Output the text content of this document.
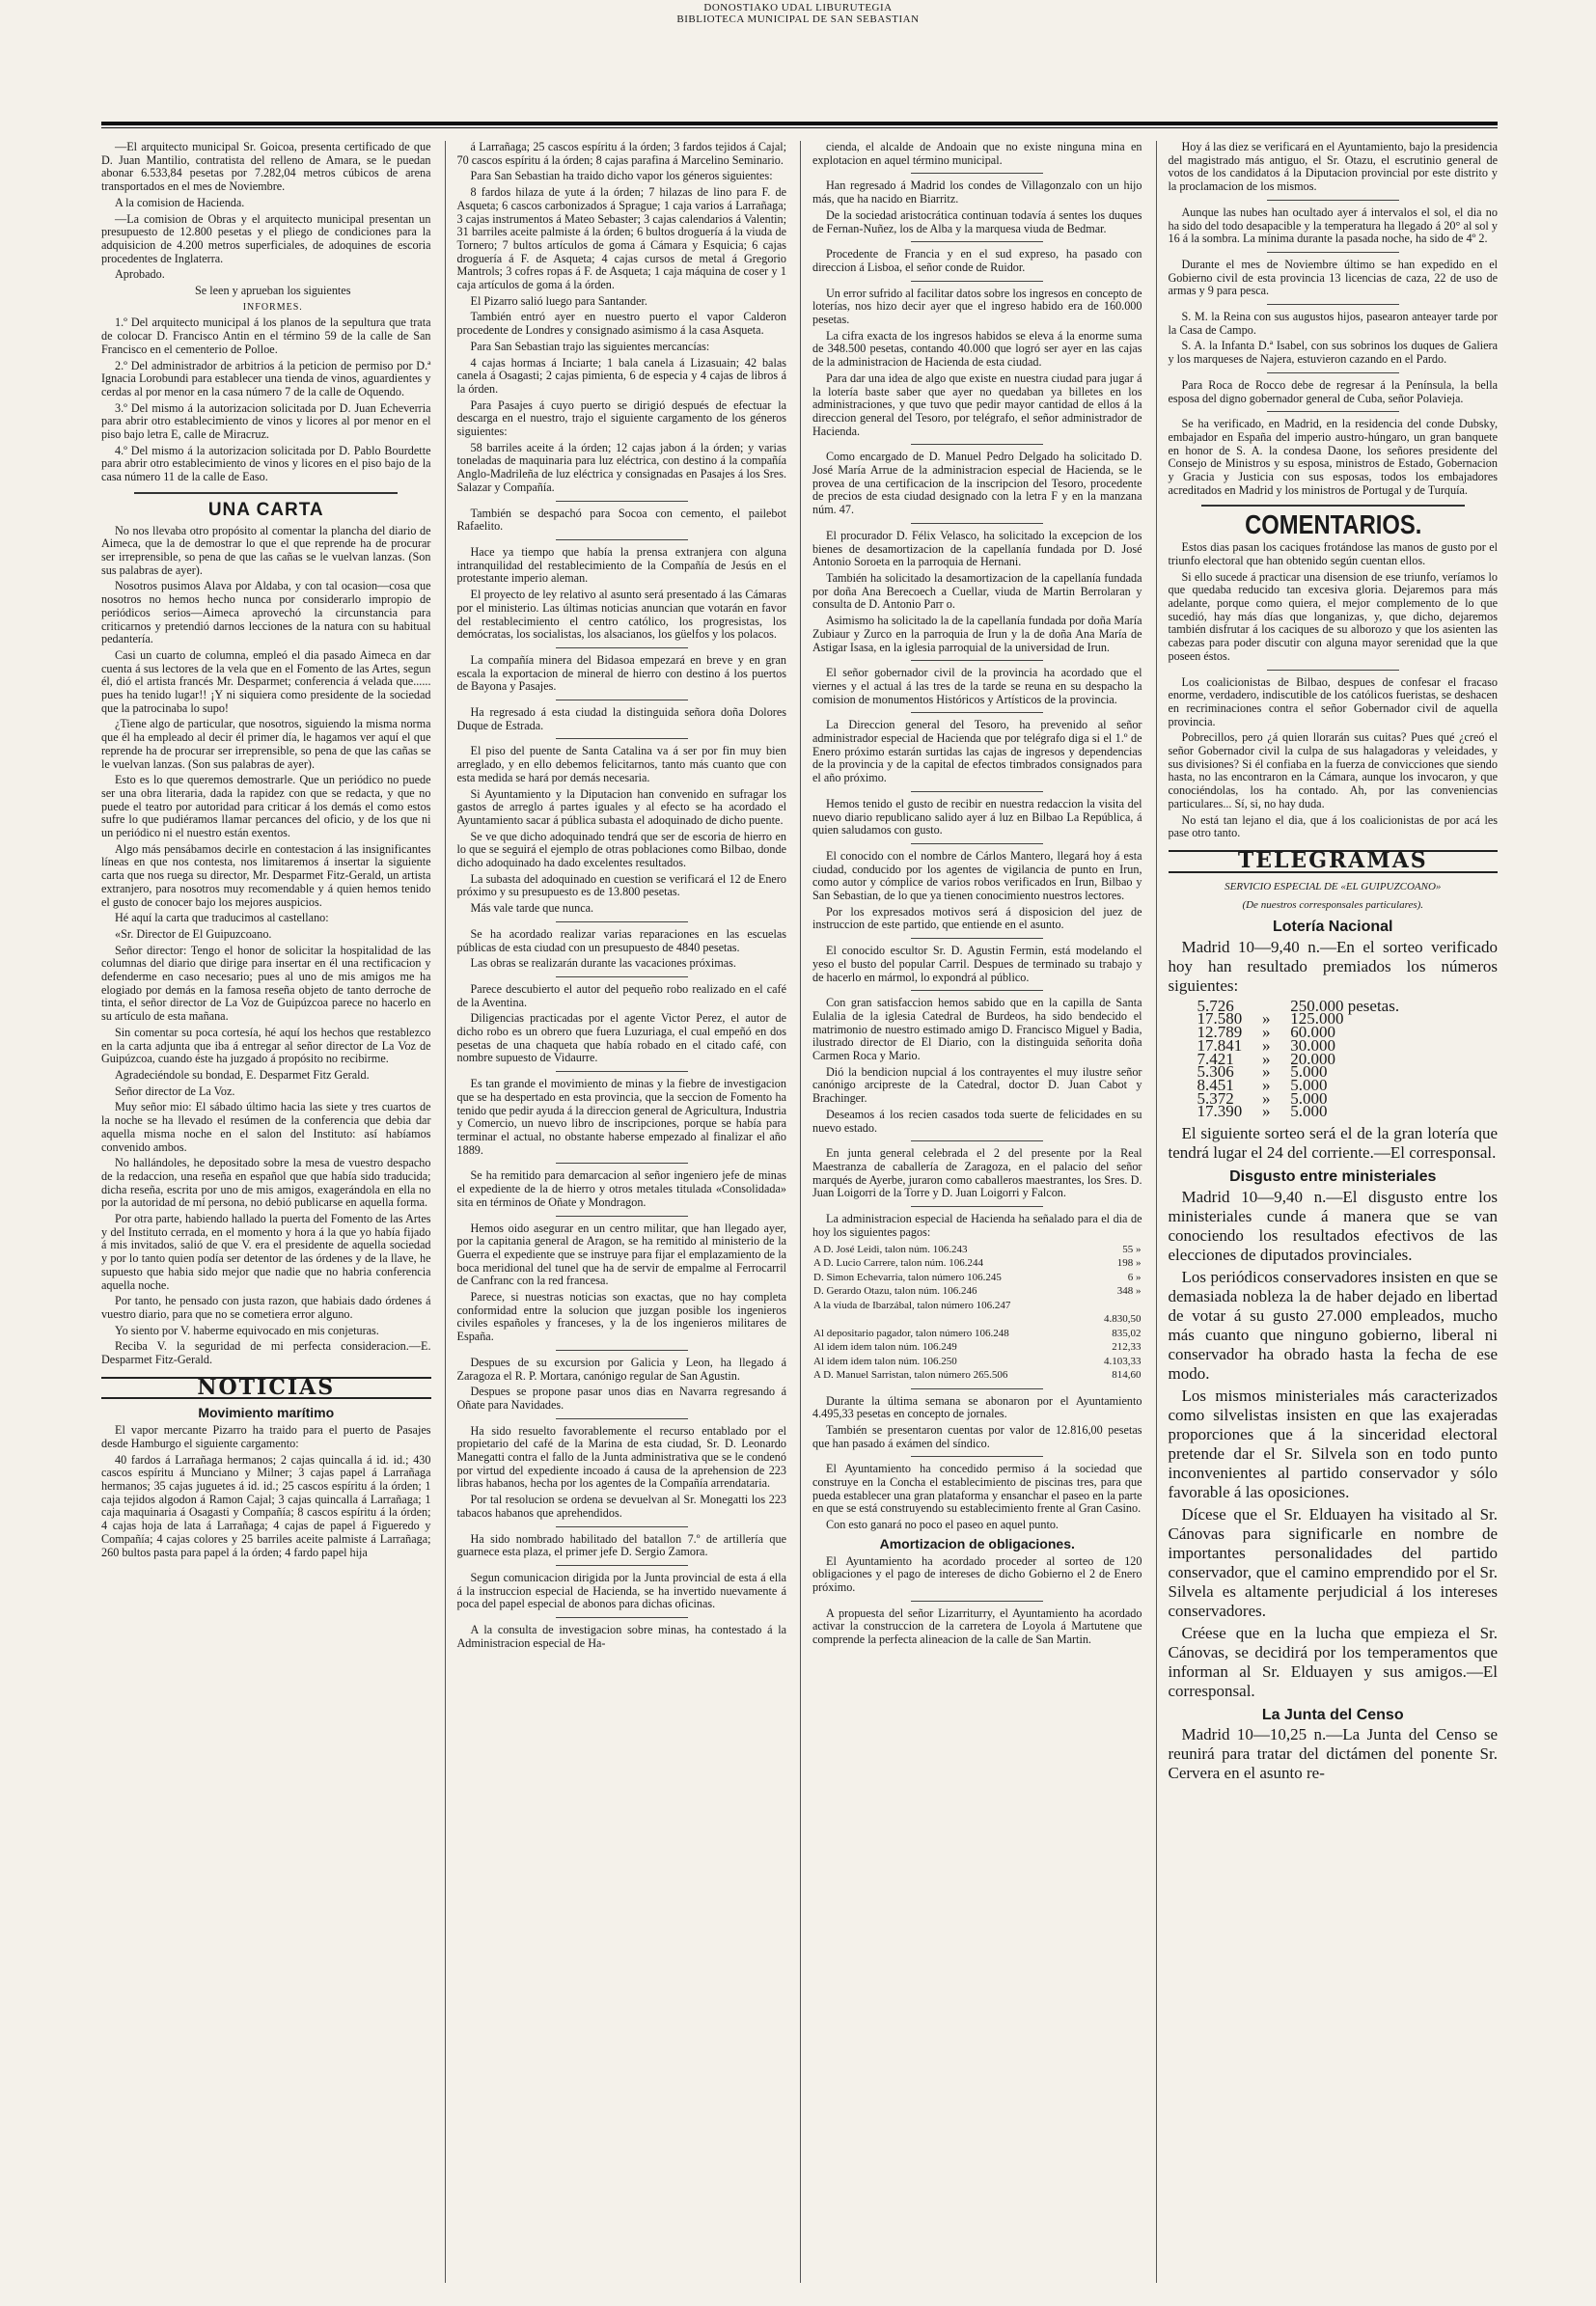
DONOSTIAKO UDAL LIBURUTEGIA
BIBLIOTECA MUNICIPAL DE SAN SEBASTIAN

—El arquitecto municipal Sr. Goicoa, presenta certificado de que D. Juan Mantilio, contratista del relleno de Amara, se le puedan abonar 6.533,84 pesetas por 7.282,04 metros cúbicos de arena transportados en el mes de Noviembre.

A la comision de Hacienda.

—La comision de Obras y el arquitecto municipal presentan un presupuesto de 12.800 pesetas y el pliego de condiciones para la adquisicion de 4.200 metros superficiales, de adoquines de escoria procedentes de Inglaterra.

Aprobado.

Se leen y aprueban los siguientes

INFORMES.

1.º Del arquitecto municipal á los planos de la sepultura que trata de colocar D. Francisco Antin en el término 59 de la calle de San Francisco en el cementerio de Polloe.

2.º Del administrador de arbitrios á la peticion de permiso por D.ª Ignacia Lorobundi para establecer una tienda de vinos, aguardientes y cerdas al por menor en la casa número 7 de la calle de Oquendo.

3.º Del mismo á la autorizacion solicitada por D. Juan Echeverria para abrir otro establecimiento de vinos y licores al por menor en el piso bajo letra E, calle de Miracruz.

4.º Del mismo á la autorizacion solicitada por D. Pablo Bourdette para abrir otro establecimiento de vinos y licores en el piso bajo de la casa número 11 de la calle de Easo.

UNA CARTA

No nos llevaba otro propósito al comentar la plancha del diario de Aimeca, que la de demostrar lo que el que reprende ha de procurar ser irreprensible, so pena de que las cañas se le vuelvan lanzas. (Son sus palabras de ayer).

Nosotros pusimos Alava por Aldaba, y con tal ocasion—cosa que nosotros no hemos hecho nunca por considerarlo impropio de periódicos serios—Aimeca aprovechó la circunstancia para criticarnos y pretendió darnos lecciones de la natura con su habitual pedantería.

Casi un cuarto de columna, empleó el dia pasado Aimeca en dar cuenta á sus lectores de la vela que en el Fomento de las Artes, segun él, dió el artista francés Mr. Desparmet; conferencia á velada que...... pues ha tenido lugar!! ¡Y ni siquiera como presidente de la sociedad que la patrocinaba lo supo!

¿Tiene algo de particular, que nosotros, siguiendo la misma norma que él ha empleado al decir él primer día, le hagamos ver aquí el que reprende ha de procurar ser irreprensible, so pena de que las cañas se le vuelvan lanzas. (Son sus palabras de ayer).

Esto es lo que queremos demostrarle. Que un periódico no puede ser una obra literaria, dada la rapidez con que se redacta, y que no puede el teatro por autoridad para criticar á los demás el como estos sufre lo que pudiéramos llamar percances del oficio, y de los que ni un periódico ni el nuestro están exentos.

Algo más pensábamos decirle en contestacion á las insignificantes líneas en que nos contesta, nos limitaremos á insertar la siguiente carta que nos ruega su director, Mr. Desparmet Fitz-Gerald, un artista extranjero, para nosotros muy recomendable y á quien hemos tenido el gusto de conocer bajo los mejores auspicios.

Hé aquí la carta que traducimos al castellano:

«Sr. Director de El Guipuzcoano.

Señor director: Tengo el honor de solicitar la hospitalidad de las columnas del diario que dirige para insertar en él una rectificacion y defenderme en caso necesario; pues al uno de mis amigos me ha elogiado por demás en la famosa reseña objeto de tanto derroche de tinta, el señor director de La Voz de Guipúzcoa parece no hacerlo en su artículo de esta mañana.

Sin comentar su poca cortesía, hé aquí los hechos que restablezco en la carta adjunta que iba á entregar al señor director de La Voz de Guipúzcoa, cuando éste ha juzgado á propósito no recibirme.

Agradeciéndole su bondad, E. Desparmet Fitz Gerald.

Señor director de La Voz.

Muy señor mio: El sábado último hacia las siete y tres cuartos de la noche se ha llevado el resúmen de la conferencia que debia dar aquella misma noche en el salon del Instituto: así habíamos convenido ambos.

No hallándoles, he depositado sobre la mesa de vuestro despacho de la redaccion, una reseña en español que que había sido traducida; dicha reseña, escrita por uno de mis amigos, exagerándola en ella no por la autoridad de mí persona, no debió publicarse en aquella forma.

Por otra parte, habiendo hallado la puerta del Fomento de las Artes y del Instituto cerrada, en el momento y hora á la que yo había fijado á mis invitados, salió de que V. era el presidente de aquella sociedad y por lo tanto quien podía ser detentor de las órdenes y de la llave, he supuesto que habia sido mejor que nadie que no habria conferencia aquella noche.

Por tanto, he pensado con justa razon, que habiais dado órdenes á vuestro diario, para que no se cometiera error alguno.

Yo siento por V. haberme equivocado en mis conjeturas.

Reciba V. la seguridad de mi perfecta consideracion.—E. Desparmet Fitz-Gerald.

NOTICIAS
Movimiento marítimo

El vapor mercante Pizarro ha traido para el puerto de Pasajes desde Hamburgo el siguiente cargamento:

40 fardos á Larrañaga hermanos; 2 cajas quincalla á id. id.; 430 cascos espíritu á Munciano y Milner; 3 cajas papel á Larrañaga hermanos; 35 cajas juguetes á id. id.; 25 cascos espíritu á la órden; 1 caja tejidos algodon á Ramon Cajal; 3 cajas quincalla á Larrañaga; 1 caja maquinaria á Osagasti y Compañía; 8 cascos espíritu á la órden; 4 cajas hoja de lata á Larrañaga; 4 cajas de papel á Figueredo y Compañía; 4 cajas colores y 25 barriles aceite palmiste á Larrañaga; 260 bultos pasta para papel á la órden; 4 fardo papel hija

á Larrañaga; 25 cascos espíritu á la órden; 3 fardos tejidos á Cajal; 70 cascos espíritu á la órden; 8 cajas parafina á Marcelino Seminario.

Para San Sebastian ha traido dicho vapor los géneros siguientes:

8 fardos hilaza de yute á la órden; 7 hilazas de lino para F. de Asqueta; 6 cascos carbonizados á Sprague; 1 caja varios á Larrañaga; 3 cajas instrumentos á Mateo Sebaster; 3 cajas calendarios á Valentin; 31 barriles aceite palmiste á la órden; 6 bultos droguería á la viuda de Tornero; 7 bultos artículos de goma á Cámara y Esquicia; 6 cajas droguería á F. de Asqueta; 4 cajas cursos de metal á Gregorio Mantrols; 3 cofres ropas á F. de Asqueta; 1 caja máquina de coser y 1 caja artículos de goma á la órden.

El Pizarro salió luego para Santander.

También entró ayer en nuestro puerto el vapor Calderon procedente de Londres y consignado asimismo á la casa Asqueta.

Para San Sebastian trajo las siguientes mercancías:

4 cajas hormas á Inciarte; 1 bala canela á Lizasuain; 42 balas canela á Osagasti; 2 cajas pimienta, 6 de especia y 4 cajas de libros á la órden.

Para Pasajes á cuyo puerto se dirigió después de efectuar la descarga en el nuestro, trajo el siguiente cargamento de los géneros siguientes:

58 barriles aceite á la órden; 12 cajas jabon á la órden; y varias toneladas de maquinaria para luz eléctrica, con destino á la compañía Anglo-Madrileña de luz eléctrica y consignadas en Pasajes á los Sres. Salazar y Compañía.

También se despachó para Socoa con cemento, el pailebot Rafaelito.

Hace ya tiempo que había la prensa extranjera con alguna intranquilidad del restablecimiento de la Compañía de Jesús en el protestante imperio aleman.

El proyecto de ley relativo al asunto será presentado á las Cámaras por el ministerio. Las últimas noticias anuncian que votarán en favor del restablecimiento el centro católico, los progresistas, los demócratas, los socialistas, los alsacianos, los güelfos y los polacos.

La compañía minera del Bidasoa empezará en breve y en gran escala la exportacion de mineral de hierro con destino á los puertos de Bayona y Pasajes.

Ha regresado á esta ciudad la distinguida señora doña Dolores Duque de Estrada.

El piso del puente de Santa Catalina va á ser por fin muy bien arreglado, y en ello debemos felicitarnos, tanto más cuanto que con esta medida se hará por demás necesaria.

Si Ayuntamiento y la Diputacion han convenido en sufragar los gastos de arreglo á partes iguales y al efecto se ha acordado el Ayuntamiento sacar á pública subasta el adoquinado de dicho puente.

Se ve que dicho adoquinado tendrá que ser de escoria de hierro en lo que se seguirá el ejemplo de otras poblaciones como Bilbao, donde dicho adoquinado ha dado excelentes resultados.

La subasta del adoquinado en cuestion se verificará el 12 de Enero próximo y su presupuesto es de 13.800 pesetas.

Más vale tarde que nunca.

Se ha acordado realizar varias reparaciones en las escuelas públicas de esta ciudad con un presupuesto de 4840 pesetas.

Las obras se realizarán durante las vacaciones próximas.

Parece descubierto el autor del pequeño robo realizado en el café de la Aventina.

Diligencias practicadas por el agente Victor Perez, el autor de dicho robo es un obrero que fuera Luzuriaga, el cual empeñó en dos pesetas de una chaqueta que había robado en el citado café, con nombre supuesto de Vidaurre.

Es tan grande el movimiento de minas y la fiebre de investigacion que se ha despertado en esta provincia, que la seccion de Fomento ha tenido que pedir ayuda á la direccion general de Agricultura, Industria y Comercio, un nuevo libro de inscripciones, porque se había para terminar el actual, no obstante haberse empezado al finalizar el año 1889.

Se ha remitido para demarcacion al señor ingeniero jefe de minas el expediente de la de hierro y otros metales titulada «Consolidada» sita en términos de Oñate y Mondragon.

Hemos oido asegurar en un centro militar, que han llegado ayer, por la capitania general de Aragon, se ha remitido al ministerio de la Guerra el expediente que se instruye para fijar el emplazamiento de la boca meridional del tunel que ha de servir de empalme al Ferrocarril de Canfranc con la red francesa.

Parece, si nuestras noticias son exactas, que no hay completa conformidad entre la solucion que juzgan posible los ingenieros civiles españoles y franceses, y la de los ingenieros militares de España.

Despues de su excursion por Galicia y Leon, ha llegado á Zaragoza el R. P. Mortara, canónigo regular de San Agustin.

Despues se propone pasar unos dias en Navarra regresando á Oñate para Navidades.

Ha sido resuelto favorablemente el recurso entablado por el propietario del café de la Marina de esta ciudad, Sr. D. Leonardo Manegatti contra el fallo de la Junta administrativa que se le condenó por virtud del expediente incoado á causa de la aprehension de 223 libras habanos, hecha por los agentes de la Compañía arrendataria.

Por tal resolucion se ordena se devuelvan al Sr. Monegatti los 223 tabacos habanos que aprehendidos.

Ha sido nombrado habilitado del batallon 7.º de artillería que guarnece esta plaza, el primer jefe D. Sergio Zamora.

Segun comunicacion dirigida por la Junta provincial de esta á ella á la instruccion especial de Hacienda, se ha invertido nuevamente á poca del papel especial de abonos para dichas oficinas.

A la consulta de investigacion sobre minas, ha contestado á la Administracion especial de Ha-

cienda, el alcalde de Andoain que no existe ninguna mina en explotacion en aquel término municipal.

Han regresado á Madrid los condes de Villagonzalo con un hijo más, que ha nacido en Biarritz.

De la sociedad aristocrática continuan todavía á sentes los duques de Fernan-Nuñez, los de Alba y la marquesa viuda de Bedmar.

Procedente de Francia y en el sud expreso, ha pasado con direccion á Lisboa, el señor conde de Ruidor.

Un error sufrido al facilitar datos sobre los ingresos en concepto de loterías, nos hizo decir ayer que el ingreso habido era de 160.000 pesetas.

La cifra exacta de los ingresos habidos se eleva á la enorme suma de 348.500 pesetas, contando 40.000 que logró ser ayer en las cajas de la administracion de Hacienda de esta ciudad.

Para dar una idea de algo que existe en nuestra ciudad para jugar á la lotería baste saber que ayer no quedaban ya billetes en los administraciones, y que tuvo que pedir mayor cantidad de ellos á la direccion general del Tesoro, por telégrafo, el señor administrador de Hacienda.

Como encargado de D. Manuel Pedro Delgado ha solicitado D. José María Arrue de la administracion especial de Hacienda, se le provea de una certificacion de la inscripcion del Tesoro, procedente de precios de esta ciudad designado con la letra F y en la manzana núm. 47.

El procurador D. Félix Velasco, ha solicitado la excepcion de los bienes de desamortizacion de la capellanía fundada por D. José Antonio Soroeta en la parroquia de Hernani.

También ha solicitado la desamortizacion de la capellanía fundada por doña Ana Berecoech a Cuellar, viuda de Martin Berrolaran y consulta de D. Antonio Parr o.

Asimismo ha solicitado la de la capellanía fundada por doña María Zubiaur y Zurco en la parroquia de Irun y la de doña Ana María de Astigar Isasa, en la iglesia parroquial de la universidad de Irun.

El señor gobernador civil de la provincia ha acordado que el viernes y el actual á las tres de la tarde se reuna en su despacho la comision de monumentos Históricos y Artísticos de la provincia.

La Direccion general del Tesoro, ha prevenido al señor administrador especial de Hacienda que por telégrafo diga si el 1.º de Enero próximo estarán surtidas las cajas de ingresos y dependencias de la provincia y de la capital de efectos timbrados consignados para el año próximo.

Hemos tenido el gusto de recibir en nuestra redaccion la visita del nuevo diario republicano salido ayer á luz en Bilbao La República, á quien saludamos con gusto.

El conocido con el nombre de Cárlos Mantero, llegará hoy á esta ciudad, conducido por los agentes de vigilancia de punto en Irun, como autor y cómplice de varios robos verificados en Irun, Bilbao y San Sebastian, de lo que ya tienen conocimiento nuestros lectores.

Por los expresados motivos será á disposicion del juez de instruccion de este partido, que entiende en el asunto.

El conocido escultor Sr. D. Agustin Fermin, está modelando el yeso el busto del popular Carril. Despues de terminado su trabajo y de hacerlo en mármol, lo expondrá al público.

Con gran satisfaccion hemos sabido que en la capilla de Santa Eulalia de la iglesia Catedral de Burdeos, ha sido bendecido el matrimonio de nuestro estimado amigo D. Francisco Miguel y Badia, ilustrado director de El Diario, con la distinguida señorita doña Carmen Roca y Mario.

Dió la bendicion nupcial á los contrayentes el muy ilustre señor canónigo arcipreste de la Catedral, doctor D. Juan Cabot y Brachinger.

Deseamos á los recien casados toda suerte de felicidades en su nuevo estado.

En junta general celebrada el 2 del presente por la Real Maestranza de caballería de Zaragoza, en el palacio del señor marqués de Ayerbe, juraron como caballeros maestrantes, los Sres. D. Juan Loigorri de la Torre y D. Juan Loigorri y Falcon.

La administracion especial de Hacienda ha señalado para el dia de hoy los siguientes pagos:

A D. José Leidi, talon núm. 106.243	55 »
A D. Lucio Carrere, talon núm. 106.244	198 »
D. Simon Echevarria, talon número 106.245	6 »
D. Gerardo Otazu, talon núm. 106.246	348 »
A la viuda de Ibarzábal, talon número 106.247	
	4.830,50
Al depositario pagador, talon número 106.248	835,02
Al idem idem talon núm. 106.249	212,33
Al idem idem talon núm. 106.250	4.103,33
A D. Manuel Sarristan, talon número 265.506	814,60

Durante la última semana se abonaron por el Ayuntamiento 4.495,33 pesetas en concepto de jornales.

También se presentaron cuentas por valor de 12.816,00 pesetas que han pasado á exámen del síndico.

El Ayuntamiento ha concedido permiso á la sociedad que construye en la Concha el establecimiento de piscinas tres, para que pueda establecer una gran plataforma y ensanchar el paseo en la parte en que se está construyendo su establecimiento frente al Gran Casino.

Con esto ganará no poco el paseo en aquel punto.

Amortizacion de obligaciones.

El Ayuntamiento ha acordado proceder al sorteo de 120 obligaciones y el pago de intereses de dicho Gobierno el 2 de Enero próximo.

A propuesta del señor Lizarriturry, el Ayuntamiento ha acordado activar la construccion de la carretera de Loyola á Martutene que comprende la perfecta alineacion de la calle de San Martin.

Hoy á las diez se verificará en el Ayuntamiento, bajo la presidencia del magistrado más antiguo, el Sr. Otazu, el escrutinio general de votos de los candidatos á la Diputacion provincial por este distrito y la proclamacion de los mismos.

Aunque las nubes han ocultado ayer á intervalos el sol, el dia no ha sido del todo desapacible y la temperatura ha llegado á 20° al sol y 16 á la sombra. La mínima durante la pasada noche, ha sido de 4º 2.

Durante el mes de Noviembre último se han expedido en el Gobierno civil de esta provincia 13 licencias de caza, 22 de uso de armas y 9 para pesca.

S. M. la Reina con sus augustos hijos, pasearon anteayer tarde por la Casa de Campo.

S. A. la Infanta D.ª Isabel, con sus sobrinos los duques de Galiera y los marqueses de Najera, estuvieron cazando en el Pardo.

Para Roca de Rocco debe de regresar á la Península, la bella esposa del digno gobernador general de Cuba, señor Polavieja.

Se ha verificado, en Madrid, en la residencia del conde Dubsky, embajador en España del imperio austro-húngaro, un gran banquete en honor de S. A. la condesa Daone, los señores presidente del Consejo de Ministros y su esposa, ministros de Estado, Gobernacion y Gracia y Justicia con sus esposas, todos los embajadores acreditados en Madrid y los ministros de Portugal y de Turquía.

COMENTARIOS.

Estos dias pasan los caciques frotándose las manos de gusto por el triunfo electoral que han obtenido según cuentan ellos.

Si ello sucede á practicar una disension de ese triunfo, veríamos lo que quedaba reducido tan excesiva gloria. Dejaremos para más adelante, porque como quiera, el mejor complemento de lo que sucedió, hay más días que longanizas, y, que dicho, dejaremos también disfrutar á los caciques de su alborozo y que los asienten las cabezas para poder discutir con alguna mayor serenidad que la que poseen éstos.

Los coalicionistas de Bilbao, despues de confesar el fracaso enorme, verdadero, indiscutible de los católicos fueristas, se deshacen en recriminaciones contra el señor Gobernador civil de aquella provincia.

Pobrecillos, pero ¿á quien llorarán sus cuitas? Pues qué ¿creó el señor Gobernador civil la culpa de sus halagadoras y veleidades, y sus divisiones? Si él confiaba en la fuerza de convicciones que siendo hasta, no las encontraron en la Cámara, aunque los invocaron, y que conociéndolas, los ha contado. Ah, por las conveniencias particulares... Sí, si, no hay duda.

No está tan lejano el dia, que á los coalicionistas de por acá les pase otro tanto.

TELEGRAMAS
SERVICIO ESPECIAL DE «EL GUIPUZCOANO»
(De nuestros corresponsales particulares).
Lotería Nacional

Madrid 10—9,40 n.—En el sorteo verificado hoy han resultado premiados los números siguientes:

5.726		250.000 pesetas.
17.580	»	125.000
12.789	»	60.000
17.841	»	30.000
7.421	»	20.000
5.306	»	5.000
8.451	»	5.000
5.372	»	5.000
17.390	»	5.000

El siguiente sorteo será el de la gran lotería que tendrá lugar el 24 del corriente.—El corresponsal.

Disgusto entre ministeriales

Madrid 10—9,40 n.—El disgusto entre los ministeriales cunde á manera que se van conociendo los resultados efectivos de las elecciones de diputados provinciales.

Los periódicos conservadores insisten en que se demasiada nobleza la de haber dejado en libertad de votar á su gusto 27.000 empleados, mucho más cuanto que ninguno gobierno, liberal ni conservador ha obrado hasta la fecha de ese modo.

Los mismos ministeriales más caracterizados como silvelistas insisten en que las exajeradas proporciones que á la sinceridad electoral pretende dar el Sr. Silvela son en todo punto inconvenientes al partido conservador y sólo favorable á las oposiciones.

Dícese que el Sr. Elduayen ha visitado al Sr. Cánovas para significarle en nombre de importantes personalidades del partido conservador, que el camino emprendido por el Sr. Silvela es altamente perjudicial á los intereses conservadores.

Créese que en la lucha que empieza el Sr. Cánovas, se decidirá por los temperamentos que informan al Sr. Elduayen y sus amigos.—El corresponsal.

La Junta del Censo

Madrid 10—10,25 n.—La Junta del Censo se reunirá para tratar del dictámen del ponente Sr. Cervera en el asunto re-
